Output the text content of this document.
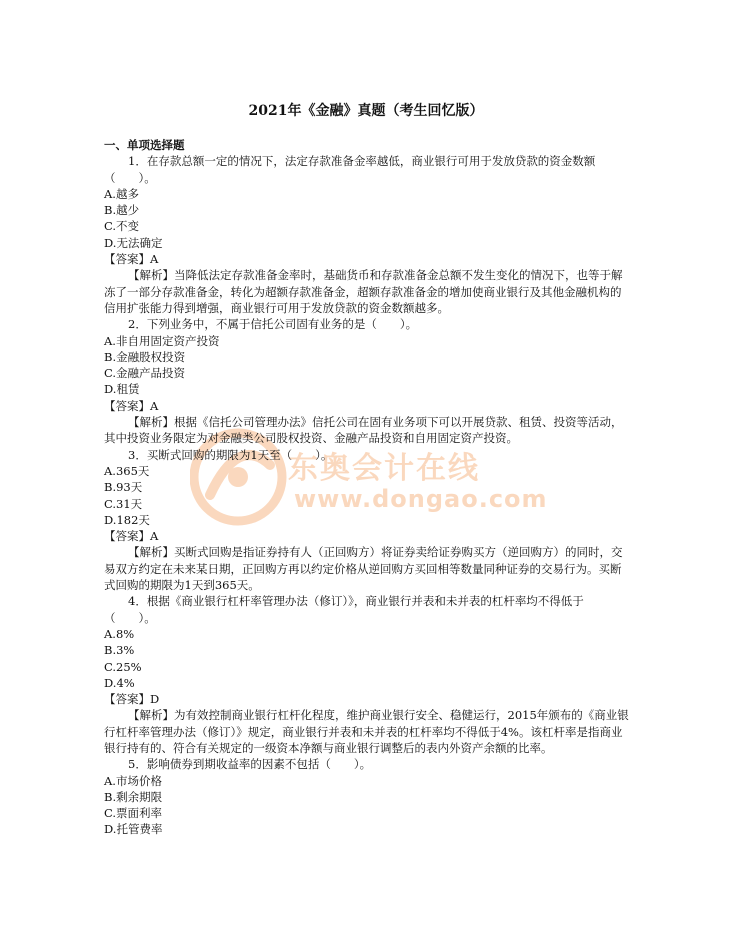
东奥会计在线
www.dongao.com
2021年《金融》真题（考生回忆版）

一、单项选择题

1．在存款总额一定的情况下，法定存款准备金率越低，商业银行可用于发放贷款的资金数额（　　）。

A.越多

B.越少

C.不变

D.无法确定

【答案】A

【解析】当降低法定存款准备金率时，基础货币和存款准备金总额不发生变化的情况下，也等于解冻了一部分存款准备金，转化为超额存款准备金，超额存款准备金的增加使商业银行及其他金融机构的信用扩张能力得到增强，商业银行可用于发放贷款的资金数额越多。

2．下列业务中，不属于信托公司固有业务的是（　　）。

A.非自用固定资产投资

B.金融股权投资

C.金融产品投资

D.租赁

【答案】A

【解析】根据《信托公司管理办法》信托公司在固有业务项下可以开展贷款、租赁、投资等活动，其中投资业务限定为对金融类公司股权投资、金融产品投资和自用固定资产投资。

3．买断式回购的期限为1天至（　　）。

A.365天

B.93天

C.31天

D.182天

【答案】A

【解析】买断式回购是指证券持有人（正回购方）将证券卖给证券购买方（逆回购方）的同时，交易双方约定在未来某日期，正回购方再以约定价格从逆回购方买回相等数量同种证券的交易行为。买断式回购的期限为1天到365天。

4．根据《商业银行杠杆率管理办法（修订）》，商业银行并表和未并表的杠杆率均不得低于（　　）。

A.8%

B.3%

C.25%

D.4%

【答案】D

【解析】为有效控制商业银行杠杆化程度，维护商业银行安全、稳健运行，2015年颁布的《商业银行杠杆率管理办法（修订）》规定，商业银行并表和未并表的杠杆率均不得低于4%。该杠杆率是指商业银行持有的、符合有关规定的一级资本净额与商业银行调整后的表内外资产余额的比率。

5．影响债券到期收益率的因素不包括（　　）。

A.市场价格

B.剩余期限

C.票面利率

D.托管费率
